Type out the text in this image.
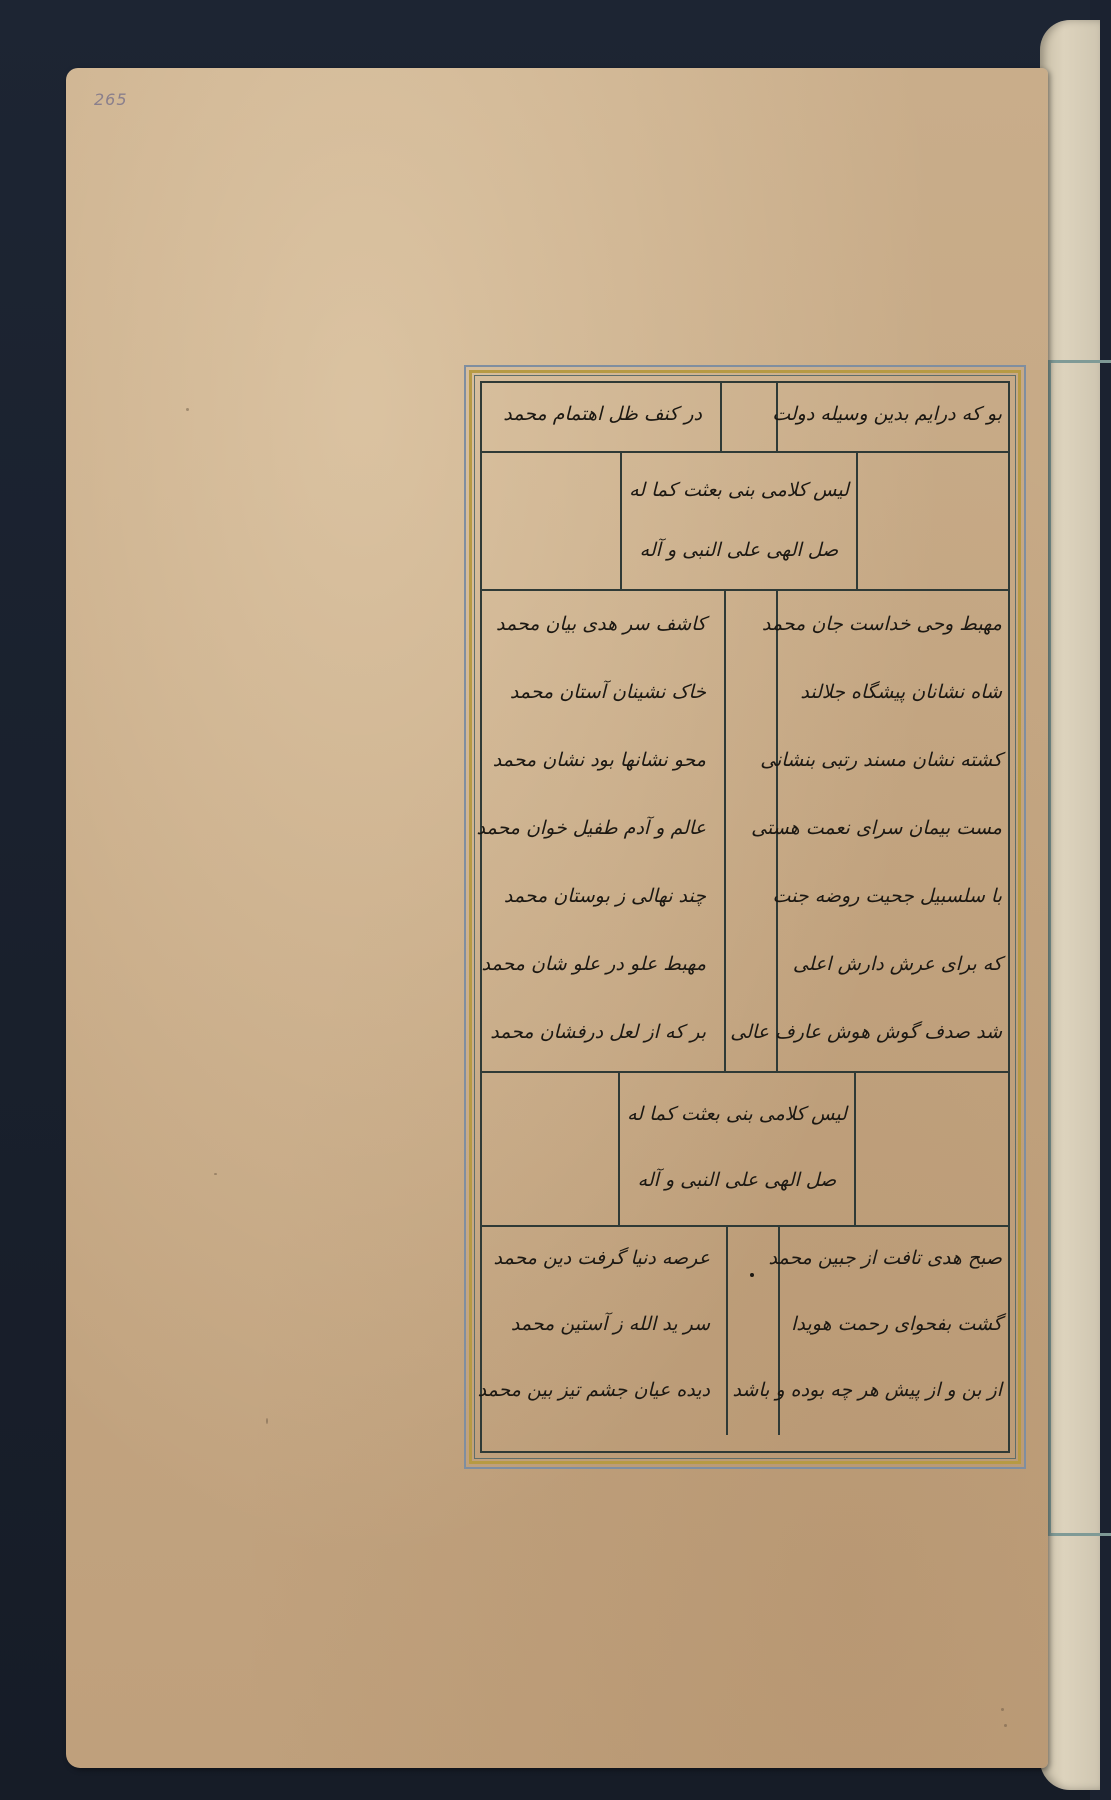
265
بو که درایم بدین وسیله دولت
در کنف ظل اهتمام محمد
لیس کلامی بنی بعثت کما له
صل الهی علی النبی و آله
مهبط وحی خداست جان محمد
شاه نشانان پیشگاه جلالند
کشته نشان مسند رتبی بنشانی
مست بیمان سرای نعمت هستی
با سلسبیل جحیت روضه جنت
که برای عرش دارش اعلی
شد صدف گوش هوش عارف عالی
کاشف سر هدی بیان محمد
خاک نشینان آستان محمد
محو نشانها بود نشان محمد
عالم و آدم طفیل خوان محمد
چند نهالی ز بوستان محمد
مهبط علو در علو شان محمد
بر که از لعل درفشان محمد
لیس کلامی بنی بعثت کما له
صل الهی علی النبی و آله
صبح هدی تافت از جبین محمد
گشت بفحوای رحمت هویدا
از بن و از پیش هر چه بوده و باشد
عرصه دنیا گرفت دین محمد
سر ید الله ز آستین محمد
دیده عیان جشم تیز بین محمد
